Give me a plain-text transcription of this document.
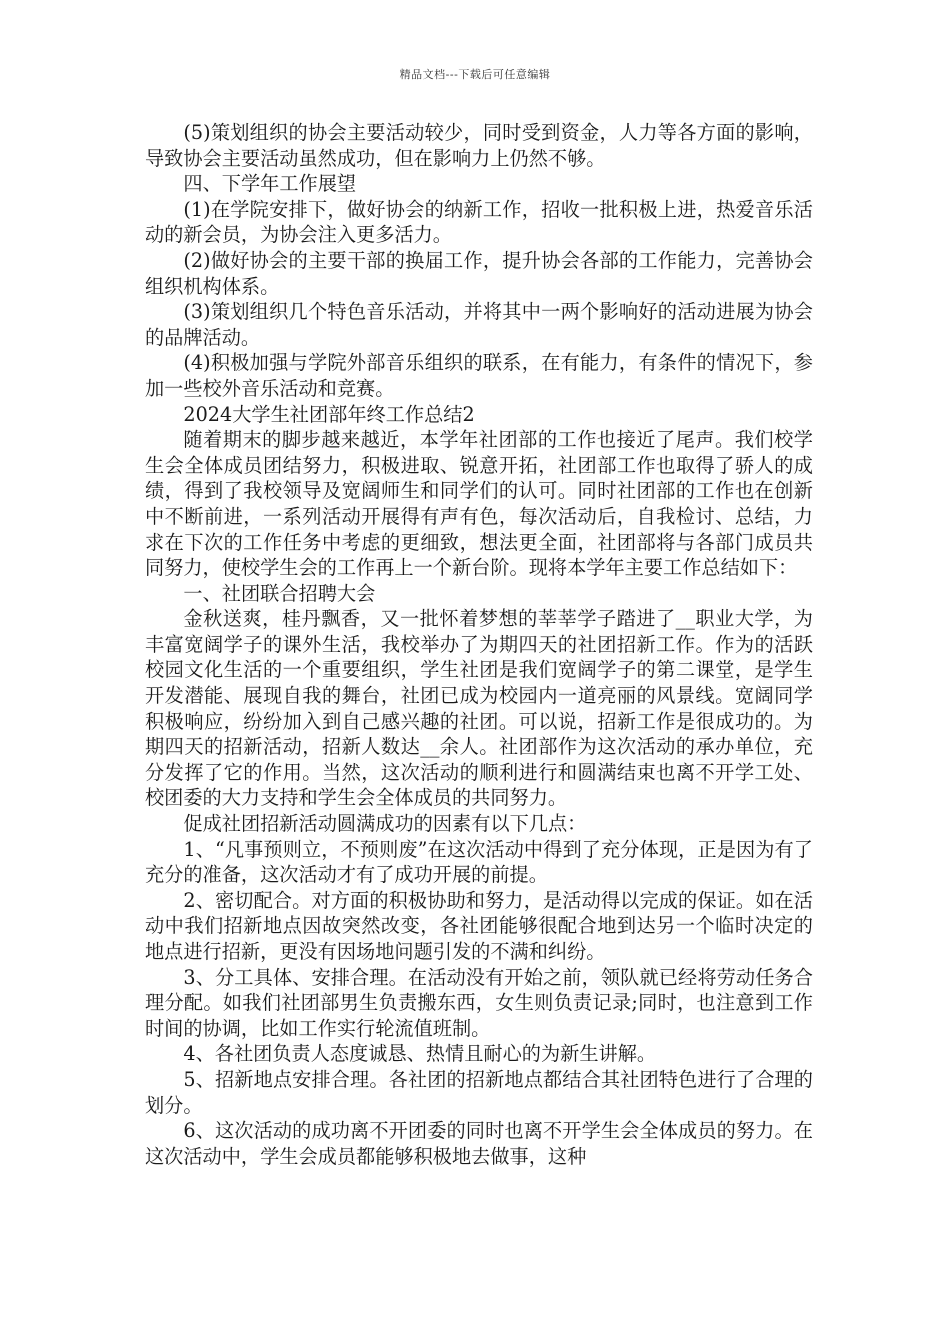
精品文档---下载后可任意编辑

(5)策划组织的协会主要活动较少，同时受到资金，人力等各方面的影响，导致协会主要活动虽然成功，但在影响力上仍然不够。

四、下学年工作展望

(1)在学院安排下，做好协会的纳新工作，招收一批积极上进，热爱音乐活动的新会员，为协会注入更多活力。

(2)做好协会的主要干部的换届工作，提升协会各部的工作能力，完善协会组织机构体系。

(3)策划组织几个特色音乐活动，并将其中一两个影响好的活动进展为协会的品牌活动。

(4)积极加强与学院外部音乐组织的联系，在有能力，有条件的情况下，参加一些校外音乐活动和竞赛。

2024大学生社团部年终工作总结2

随着期末的脚步越来越近，本学年社团部的工作也接近了尾声。我们校学生会全体成员团结努力，积极进取、锐意开拓，社团部工作也取得了骄人的成绩，得到了我校领导及宽阔师生和同学们的认可。同时社团部的工作也在创新中不断前进，一系列活动开展得有声有色，每次活动后，自我检讨、总结，力求在下次的工作任务中考虑的更细致，想法更全面，社团部将与各部门成员共同努力，使校学生会的工作再上一个新台阶。现将本学年主要工作总结如下：

一、社团联合招聘大会

金秋送爽，桂丹飘香，又一批怀着梦想的莘莘学子踏进了__职业大学，为丰富宽阔学子的课外生活，我校举办了为期四天的社团招新工作。作为的活跃校园文化生活的一个重要组织，学生社团是我们宽阔学子的第二课堂，是学生开发潜能、展现自我的舞台，社团已成为校园内一道亮丽的风景线。宽阔同学积极响应，纷纷加入到自己感兴趣的社团。可以说，招新工作是很成功的。为期四天的招新活动，招新人数达__余人。社团部作为这次活动的承办单位，充分发挥了它的作用。当然，这次活动的顺利进行和圆满结束也离不开学工处、校团委的大力支持和学生会全体成员的共同努力。

促成社团招新活动圆满成功的因素有以下几点：

1、“凡事预则立，不预则废”在这次活动中得到了充分体现，正是因为有了充分的准备，这次活动才有了成功开展的前提。

2、密切配合。对方面的积极协助和努力，是活动得以完成的保证。如在活动中我们招新地点因故突然改变，各社团能够很配合地到达另一个临时决定的地点进行招新，更没有因场地问题引发的不满和纠纷。

3、分工具体、安排合理。在活动没有开始之前，领队就已经将劳动任务合理分配。如我们社团部男生负责搬东西，女生则负责记录;同时，也注意到工作时间的协调，比如工作实行轮流值班制。

4、各社团负责人态度诚恳、热情且耐心的为新生讲解。

5、招新地点安排合理。各社团的招新地点都结合其社团特色进行了合理的划分。

6、这次活动的成功离不开团委的同时也离不开学生会全体成员的努力。在这次活动中，学生会成员都能够积极地去做事，这种
